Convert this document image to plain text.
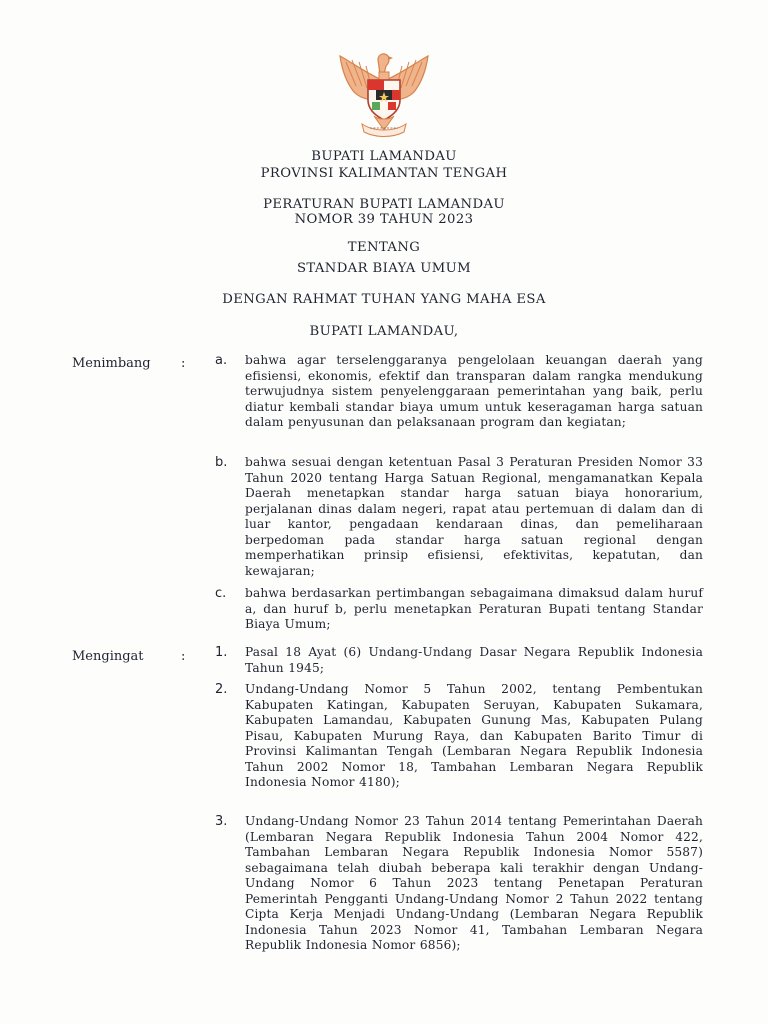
BUPATI LAMANDAU
PROVINSI KALIMANTAN TENGAH
PERATURAN BUPATI LAMANDAU
NOMOR 39 TAHUN 2023
TENTANG
STANDAR BIAYA UMUM
DENGAN RAHMAT TUHAN YANG MAHA ESA
BUPATI LAMANDAU,
Menimbang : a. bahwa agar terselenggaranya pengelolaan keuangan daerah yang efisiensi, ekonomis, efektif dan transparan dalam rangka mendukung terwujudnya sistem penyelenggaraan pemerintahan yang baik, perlu diatur kembali standar biaya umum untuk keseragaman harga satuan dalam penyusunan dan pelaksanaan program dan kegiatan;
b. bahwa sesuai dengan ketentuan Pasal 3 Peraturan Presiden Nomor 33 Tahun 2020 tentang Harga Satuan Regional, mengamanatkan Kepala Daerah menetapkan standar harga satuan biaya honorarium, perjalanan dinas dalam negeri, rapat atau pertemuan di dalam dan di luar kantor, pengadaan kendaraan dinas, dan pemeliharaan berpedoman pada standar harga satuan regional dengan memperhatikan prinsip efisiensi, efektivitas, kepatutan, dan kewajaran;
c. bahwa berdasarkan pertimbangan sebagaimana dimaksud dalam huruf a, dan huruf b, perlu menetapkan Peraturan Bupati tentang Standar Biaya Umum;
Mengingat	: 1. Pasal 18 Ayat (6) Undang-Undang Dasar Negara Republik Indonesia Tahun 1945;
2. Undang-Undang Nomor 5 Tahun 2002, tentang Pembentukan Kabupaten Katingan, Kabupaten Seruyan, Kabupaten Sukamara, Kabupaten Lamandau, Kabupaten Gunung Mas, Kabupaten Pulang Pisau, Kabupaten Murung Raya, dan Kabupaten Barito Timur di Provinsi Kalimantan Tengah (Lembaran Negara Republik Indonesia Tahun 2002 Nomor 18, Tambahan Lembaran Negara Republik Indonesia Nomor 4180);
3. Undang-Undang Nomor 23 Tahun 2014 tentang Pemerintahan Daerah (Lembaran Negara Republik Indonesia Tahun 2004 Nomor 422, Tambahan Lembaran Negara Republik Indonesia Nomor 5587) sebagaimana telah diubah beberapa kali terakhir dengan Undang-Undang Nomor 6 Tahun 2023 tentang Penetapan Peraturan Pemerintah Pengganti Undang-Undang Nomor 2 Tahun 2022 tentang Cipta Kerja Menjadi Undang-Undang (Lembaran Negara Republik Indonesia Tahun 2023 Nomor 41, Tambahan Lembaran Negara Republik Indonesia Nomor 6856);
